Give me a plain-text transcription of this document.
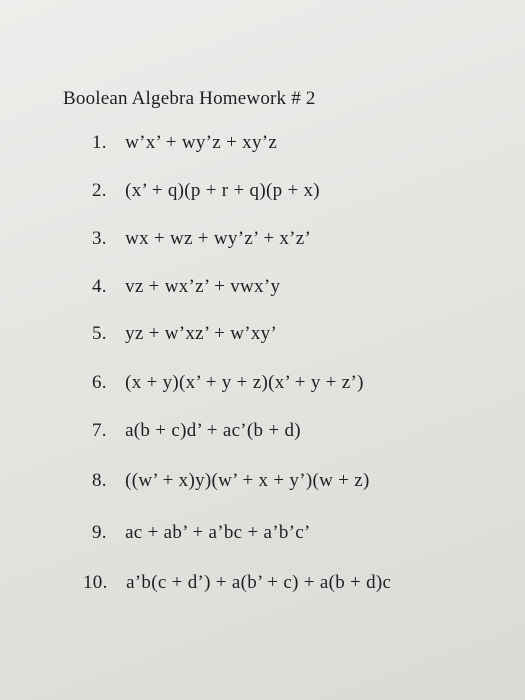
Boolean Algebra Homework # 2
1. w’x’ + wy’z + xy’z
2. (x’ + q)(p + r + q)(p + x)
3. wx + wz + wy’z’ + x’z’
4. vz + wx’z’ + vwx’y
5. yz + w’xz’ + w’xy’
6. (x + y)(x’ + y + z)(x’ + y + z’)
7. a(b + c)d’ + ac’(b + d)
8. ((w’ + x)y)(w’ + x + y’)(w + z)
9. ac + ab’ + a’bc + a’b’c’
10. a’b(c + d’) + a(b’ + c) + a(b + d)c
